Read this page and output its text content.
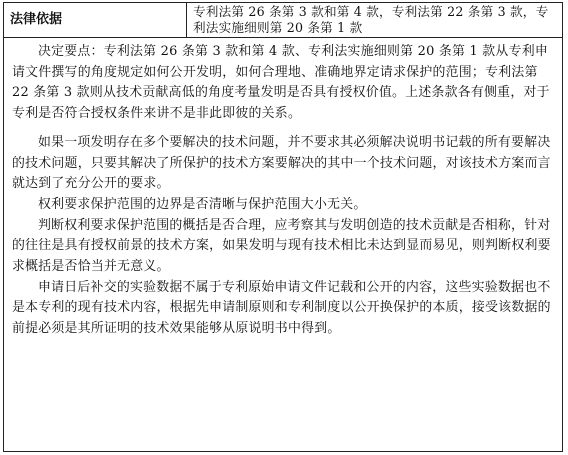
法律依据
专利法第 26 条第 3 款和第 4 款，专利法第 22 条第 3 款，专利法实施细则第 20 条第 1 款

决定要点：专利法第 26 条第 3 款和第 4 款、专利法实施细则第 20 条第 1 款从专利申请文件撰写的角度规定如何公开发明，如何合理地、准确地界定请求保护的范围；专利法第 22 条第 3 款则从技术贡献高低的角度考量发明是否具有授权价值。上述条款各有侧重，对于专利是否符合授权条件来讲不是非此即彼的关系。

如果一项发明存在多个要解决的技术问题，并不要求其必须解决说明书记载的所有要解决的技术问题，只要其解决了所保护的技术方案要解决的其中一个技术问题，对该技术方案而言就达到了充分公开的要求。

权利要求保护范围的边界是否清晰与保护范围大小无关。

判断权利要求保护范围的概括是否合理，应考察其与发明创造的技术贡献是否相称，针对的往往是具有授权前景的技术方案，如果发明与现有技术相比未达到显而易见，则判断权利要求概括是否恰当并无意义。

申请日后补交的实验数据不属于专利原始申请文件记载和公开的内容，这些实验数据也不是本专利的现有技术内容，根据先申请制原则和专利制度以公开换保护的本质，接受该数据的前提必须是其所证明的技术效果能够从原说明书中得到。
